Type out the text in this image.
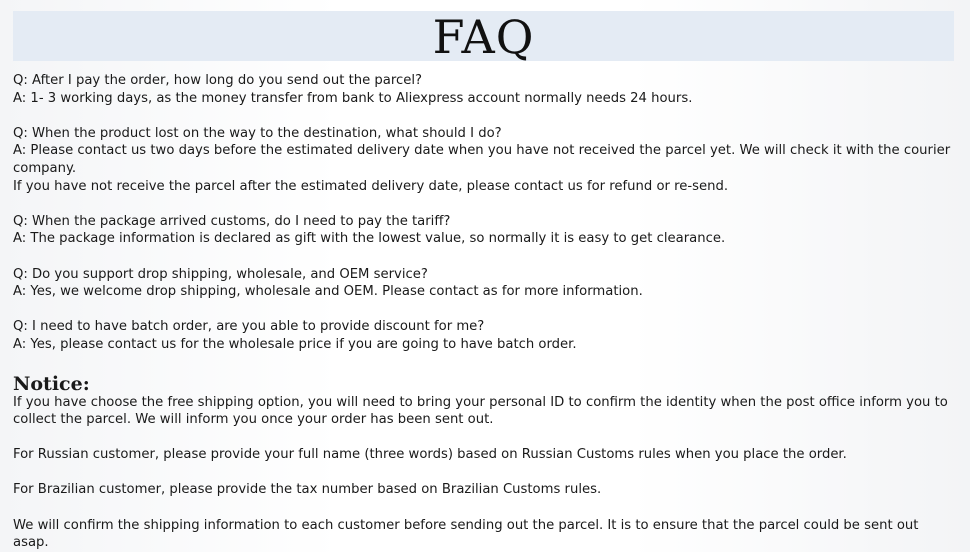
FAQ
Q: After I pay the order, how long do you send out the parcel?
A: 1- 3 working days, as the money transfer from bank to Aliexpress account normally needs 24 hours.
Q: When the product lost on the way to the destination, what should I do?
A: Please contact us two days before the estimated delivery date when you have not received the parcel yet. We will check it with the courier company.
If you have not receive the parcel after the estimated delivery date, please contact us for refund or re-send.
Q: When the package arrived customs, do I need to pay the tariff?
A: The package information is declared as gift with the lowest value, so normally it is easy to get clearance.
Q: Do you support drop shipping, wholesale, and OEM service?
A: Yes, we welcome drop shipping, wholesale and OEM. Please contact as for more information.
Q: I need to have batch order, are you able to provide discount for me?
A: Yes, please contact us for the wholesale price if you are going to have batch order.
Notice:

If you have choose the free shipping option, you will need to bring your personal ID to confirm the identity when the post office inform you to collect the parcel. We will inform you once your order has been sent out.

For Russian customer, please provide your full name (three words) based on Russian Customs rules when you place the order.

For Brazilian customer, please provide the tax number based on Brazilian Customs rules.

We will confirm the shipping information to each customer before sending out the parcel. It is to ensure that the parcel could be sent out asap.
